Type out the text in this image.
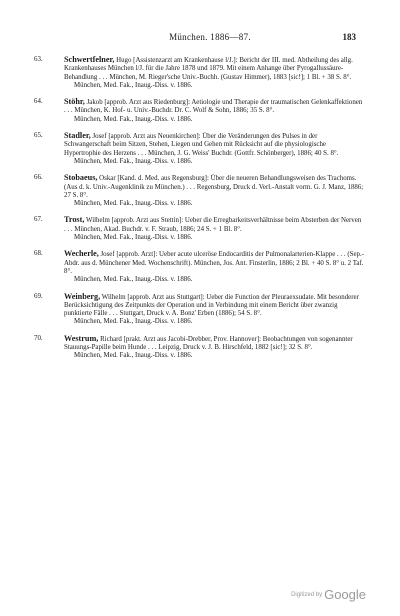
München. 1886—87.	183
63.	Schwertfelner, Hugo [Assistenzarzt am Krankenhause l/J.]: Bericht der III. med. Abtheilung des allg. Krankenhauses München l/J. für die Jahre 1878 und 1879. Mit einem Anhange über Pyrogallussäure-Behandlung . . . München, M. Rieger'sche Univ.-Buchh. (Gustav Himmer), 1883 [sic!]; 1 Bl. + 38 S. 8°.
München, Med. Fak., Inaug.-Diss. v. 1886.
64.	Stöhr, Jakob [approb. Arzt aus Riedenburg]: Aetiologie und Therapie der traumatischen Gelenkaffektionen . . . München, K. Hof- u. Univ.-Buchdr. Dr. C. Wolf & Sohn, 1886; 35 S. 8°.
München, Med. Fak., Inaug.-Diss. v. 1886.
65.	Stadler, Josef [approb. Arzt aus Neuenkirchen]: Über die Veränderungen des Pulses in der Schwangerschaft beim Sitzen, Stehen, Liegen und Gehen mit Rücksicht auf die physiologische Hypertrophie des Herzens . . . München, J. G. Weiss' Buchdr. (Gottfr. Schönberger), 1886; 40 S. 8°.
München, Med. Fak., Inaug.-Diss. v. 1886.
66.	Stobaeus, Oskar [Kand. d. Med. aus Regensburg]: Über die neueren Behandlungsweisen des Trachoms. (Aus d. k. Univ.-Augenklinik zu München.) . . . Regensburg, Druck d. Verl.-Anstalt vorm. G. J. Manz, 1886; 27 S. 8°.
München, Med. Fak., Inaug.-Diss. v. 1886.
67.	Trost, Wilhelm [approb. Arzt aus Stettin]: Ueber die Erregbarkeitsverhältnisse beim Absterben der Nerven . . . München, Akad. Buchdr. v. F. Straub, 1886; 24 S. + 1 Bl. 8°.
München, Med. Fak., Inaug.-Diss. v. 1886.
68.	Wecherle, Josef [approb. Arzt]: Ueber acute ulceröse Endocarditis der Pulmonalarterien-Klappe . . . (Sep.-Abdr. aus d. Münchener Med. Wochenschrift). München, Jos. Ant. Finsterlin, 1886; 2 Bl. + 40 S. 8° u. 2 Taf. 8°.
München, Med. Fak., Inaug.-Diss. v. 1886.
69.	Weinberg, Wilhelm [approb. Arzt aus Stuttgart]: Ueber die Function der Pleuraexsudate. Mit besonderer Berücksichtigung des Zeitpunkts der Operation und in Verbindung mit einem Bericht über zwanzig punktierte Fälle . . . Stuttgart, Druck v. A. Bonz' Erben (1886); 54 S. 8°.
München, Med. Fak., Inaug.-Diss. v. 1886.
70.	Westrum, Richard [prakt. Arzt aus Jacobi-Drebber, Prov. Hannover]: Beobachtungen von sogenannter Stauungs-Papille beim Hunde . . . Leipzig, Druck v. J. B. Hirschfeld, 1882 [sic!]; 32 S. 8°.
München, Med. Fak., Inaug.-Diss. v. 1886.
Digitized by Google
